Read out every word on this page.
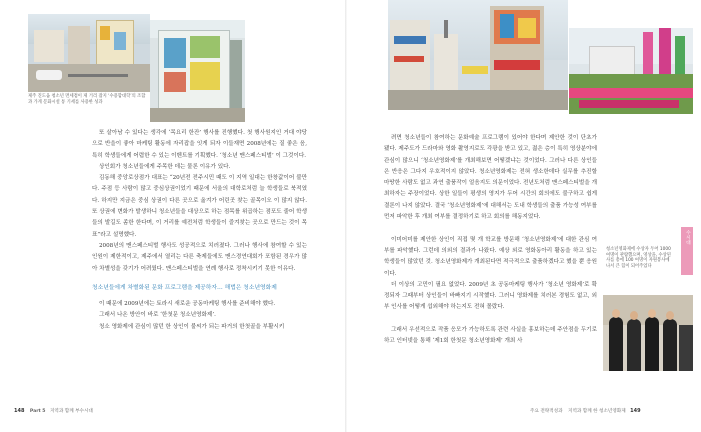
제주 진도읍 청소년 면세점이 제 거리 잡지 ‘수용합대학’의 조합과 가게 문화시설 통 기세를 사용한 성과

또 살아남 수 있다는 생각에 ‘목요리 한잔’ 행사를 진행했다. 첫 행사원지인 거대 야당으로 반을이 좋아 마케팅 활동에 자리잡을 잇게 되자 이들재면 2008년에는 질 좋은 음, 특히 학생들에게 어렵한 수 있는 이벤트를 기획했다. ‘청소년 맨스페스티벌’ 이 그것이다.

상인회가 청소년들에게 주목한 데는 물론 이유가 있다.

김동해 중앙로상점가 대표는 “20년전 전주시민 때도 이 지역 일대는 한창값이어 불만다. 주점 등 사람이 많고 중심상권이었기 때문에 서울의 대학로처럼 늘 학생들로 북적였다. 하지만 지금은 중심 상권이 다른 곳으로 옮겨가 어린곳 찾는 골목이오 이 많지 않다. 또 상권에 변화가 발생하니 청소년들을 대상으로 하는 점목를 위곱하는 점포도 줄어 학생들의 발길도 좀한 한다며, 이 거리를 예전처럼 학생들이 즐겨찾는 곳으로 만드는 것이 목표”라고 설명했다.

2008년의 맨스페스티벌 행사도 성공적으로 치러졌다. 그러나 행사에 참여할 수 있는 인원이 제한적이고, 제주에서 열리는 다른 축제들에도 맨스경연대회가 포함된 경우가 많아 차별성을 갖기가 어려웠다. 맨스페스티벌을 연례 행사로 정착시키기 못한 이유다.

청소년들에게 차별화된 문화 프로그램을 제공하자… 해법은 청소년영화제

이 때문에 2009년에는 토라시 새로운 공동마케팅 행사를 준비해야 했다.

그래서 나온 방안이 바로 ‘한첫문 청소년영화제’.

청소 영화제에 관심이 많던 한 상인이 불씨가 되는 파거의 한첫골을 부활시키

148 Part 5 지역과 함께 부수시대

려면 청소년들이 참여하는 문화예술 프로그램이 있어야 한다며 제안한 것이 단초가 됐다. 제주도가 드라마와 영화 촬영지로도 각광을 받고 있고, 젊은 층이 특히 영상분야에 관심이 많으니 ‘청소년영화제’를 개최해보면 어떻겠냐는 것이었다. 그러나 다른 상인들은 반응은 그다지 우호적이지 않았다. 청소년영화제는 전혀 생소한데다 실무를 추진할 마땅한 사람도 없고 과연 출품작이 얼음지도 의문이었다. 전년도처럼 맨스페스티벌을 개최하자는 주장이었다. 상한 일들이 평생의 영지가 두어 시간의 회의에도 불구하고 쉽게 결론이 나지 않았다. 결국 ‘청소년영화제’에 대해서는 도내 학생들의 출품 가능성 여부를 먼저 파악한 후 개최 여부를 결정하기로 하고 회의를 해동지었다.

이미어미를 제안한 상인이 직접 몇 개 학교를 방문해 ‘청소년영화제’에 대한 관심 여부를 파악했다. 그런데 의외의 결과가 나왔다. 예상 외로 영화동아리 활동을 하고 있는 학생들이 많았던 것. 청소년영화제가 개최된다면 적극적으로 출품하겠다고 했을 뿐 응원이다.

더 이상의 고민이 필요 없었다. 2009년 초 공동마케팅 행사가 ‘청소년 영화제’로 확정되자 그때부터 상인들이 바빠지기 시작했다. 그러니 영화제를 치러본 경험도 없고, 외부 인사를 어떻게 섭외해야 하는지도 전혀 몰랐다.

그래서 우선적으로 작품 응모가 가능하도록 관련 사실을 홍보하는데 주안점을 두기로 하고 인터넷을 통해 ‘제1회 한첫문 청소년영화제’ 개최 사

지역과 함께 한 부수시대
청소년영화제에 수상자 두어 1000 여명이 관람했으며, 영상을, 수상된 사를 총에 100 여명이 자원봉사에 나서 큰 힘이 되어주었다
주요 전략적성과 지역과 함께 한 청소년영화제 149
